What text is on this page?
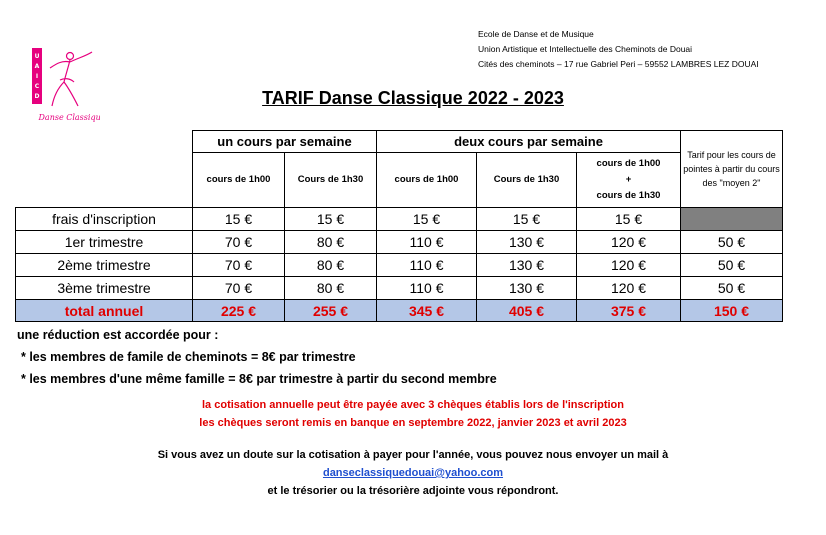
U
A
I
C
D
Danse Classique
Ecole de Danse et de Musique
Union Artistique et Intellectuelle des Cheminots de Douai
Cités des cheminots – 17 rue Gabriel Peri – 59552 LAMBRES LEZ DOUAI
TARIF Danse Classique 2022 - 2023
	un cours par semaine		deux cours par semaine			Tarif pour les cours de pointes à partir du cours des "moyen 2"
	cours de 1h00	Cours de 1h30	cours de 1h00	Cours de 1h30	cours de 1h00
+
cours de 1h30	

frais d'inscription	15 €	15 €	15 €	15 €	15 €	
1er trimestre	70 €	80 €	110 €	130 €	120 €	50 €
2ème trimestre	70 €	80 €	110 €	130 €	120 €	50 €
3ème trimestre	70 €	80 €	110 €	130 €	120 €	50 €
total annuel	225 €	255 €	345 €	405 €	375 €	150 €
une réduction est accordée pour :
* les membres de famile de cheminots = 8€ par trimestre
* les membres d'une même famille = 8€ par trimestre à partir du second membre
la cotisation annuelle peut être payée avec 3 chèques établis lors de l'inscription
les chèques seront remis en banque en septembre 2022, janvier 2023 et avril 2023
Si vous avez un doute sur la cotisation à payer pour l'année, vous pouvez nous envoyer un mail à
danseclassiquedouai@yahoo.com
et le trésorier ou la trésorière adjointe vous répondront.
